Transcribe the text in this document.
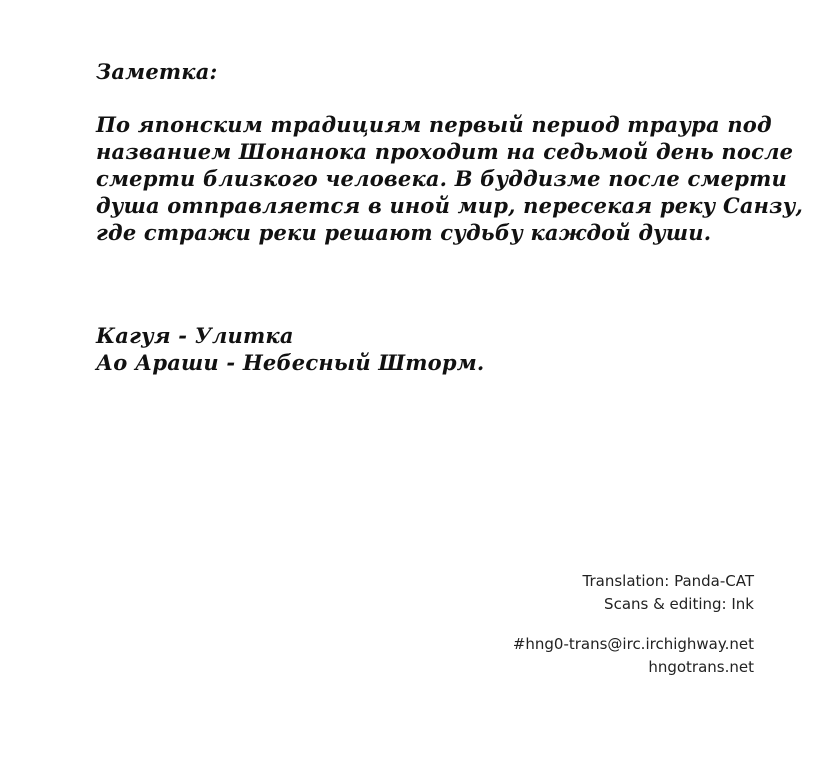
Заметка:
По японским традициям первый период траура под
названием Шонанока проходит на седьмой день после
смерти близкого человека. В буддизме после смерти
душа отправляется в иной мир, пересекая реку Санзу,
где стражи реки решают судьбу каждой души.
Кагуя - Улитка
Ао Араши - Небесный Шторм.
Translation: Panda-CAT
Scans & editing: Ink
#hng0-trans@irc.irchighway.net
hngotrans.net
